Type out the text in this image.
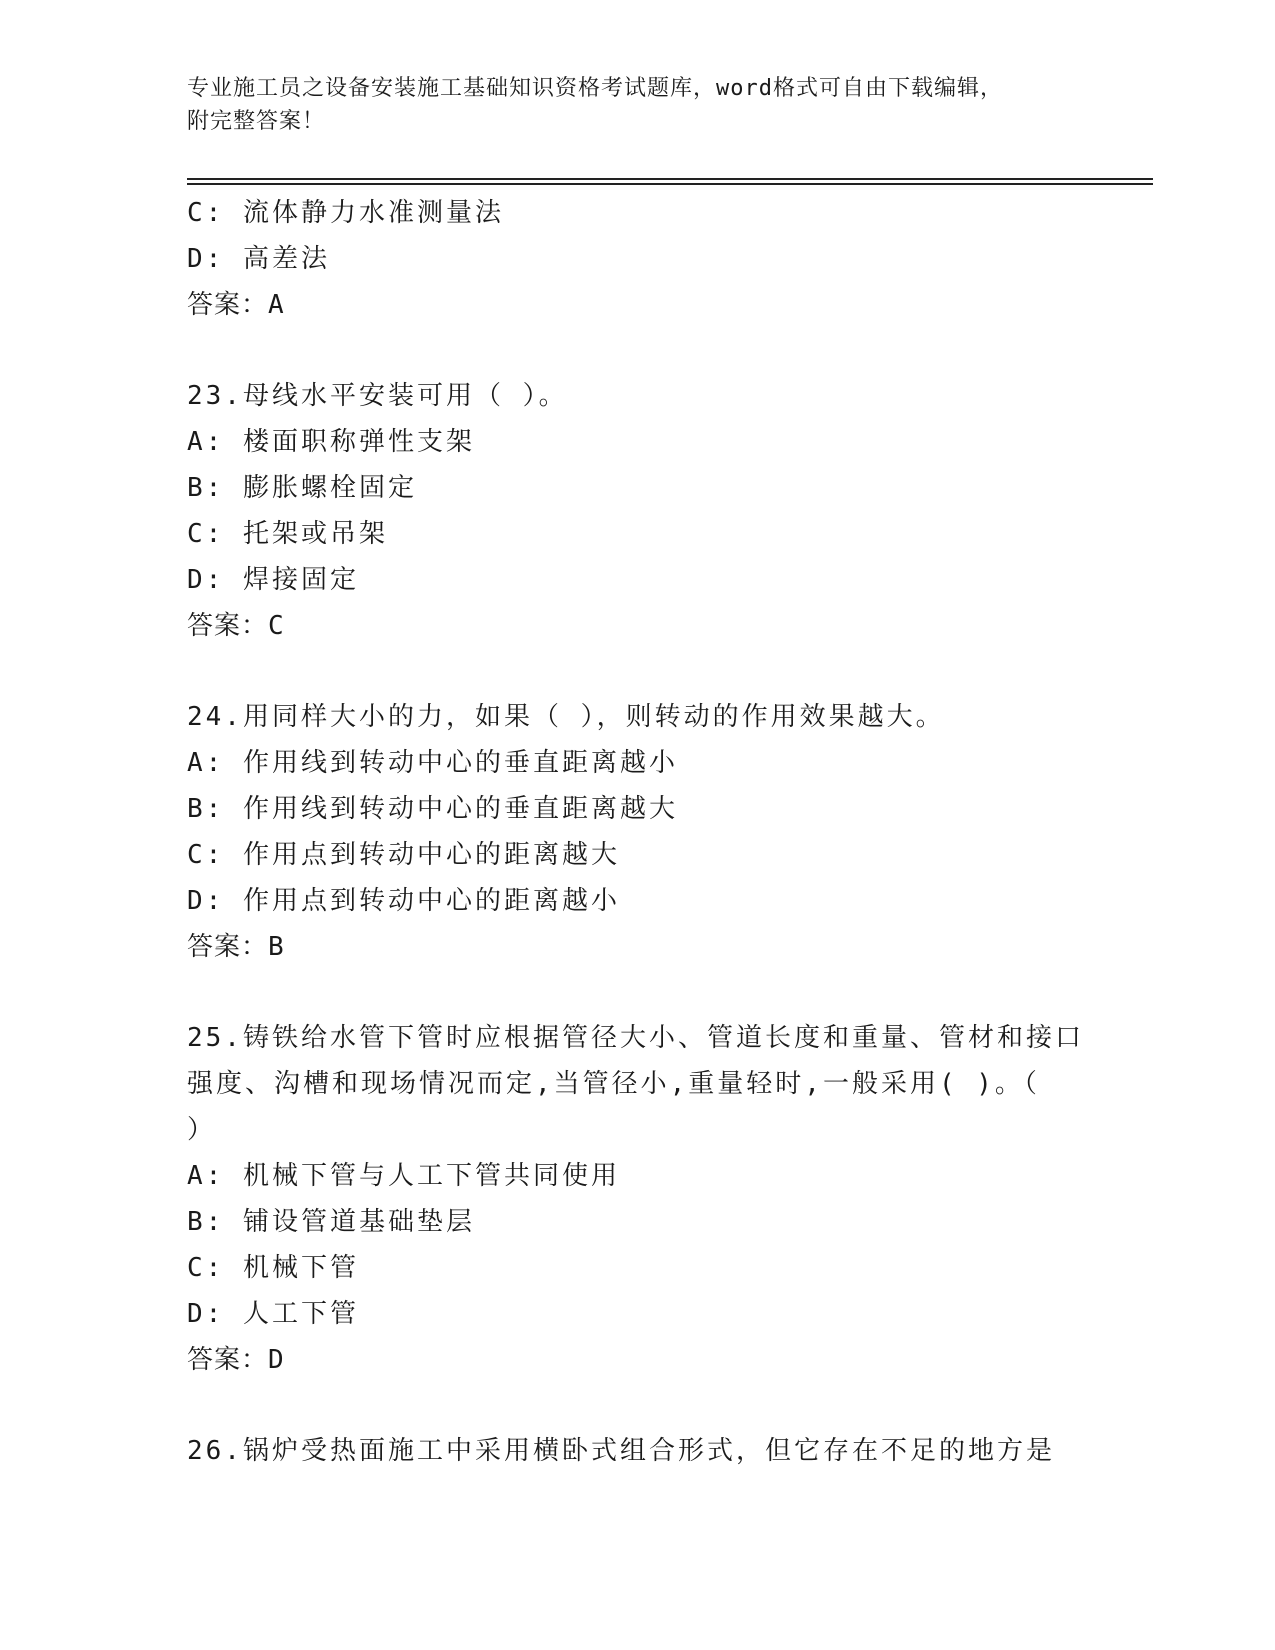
专业施工员之设备安装施工基础知识资格考试题库，word格式可自由下载编辑，
附完整答案！
C: 流体静力水准测量法
D: 高差法
答案：A
23.母线水平安装可用（ ）。
A: 楼面职称弹性支架
B: 膨胀螺栓固定
C: 托架或吊架
D: 焊接固定
答案：C
24.用同样大小的力，如果（ ），则转动的作用效果越大。
A: 作用线到转动中心的垂直距离越小
B: 作用线到转动中心的垂直距离越大
C: 作用点到转动中心的距离越大
D: 作用点到转动中心的距离越小
答案：B
25.铸铁给水管下管时应根据管径大小、管道长度和重量、管材和接口
强度、沟槽和现场情况而定,当管径小,重量轻时,一般采用( )。（
）
A: 机械下管与人工下管共同使用
B: 铺设管道基础垫层
C: 机械下管
D: 人工下管
答案：D
26.锅炉受热面施工中采用横卧式组合形式，但它存在不足的地方是
